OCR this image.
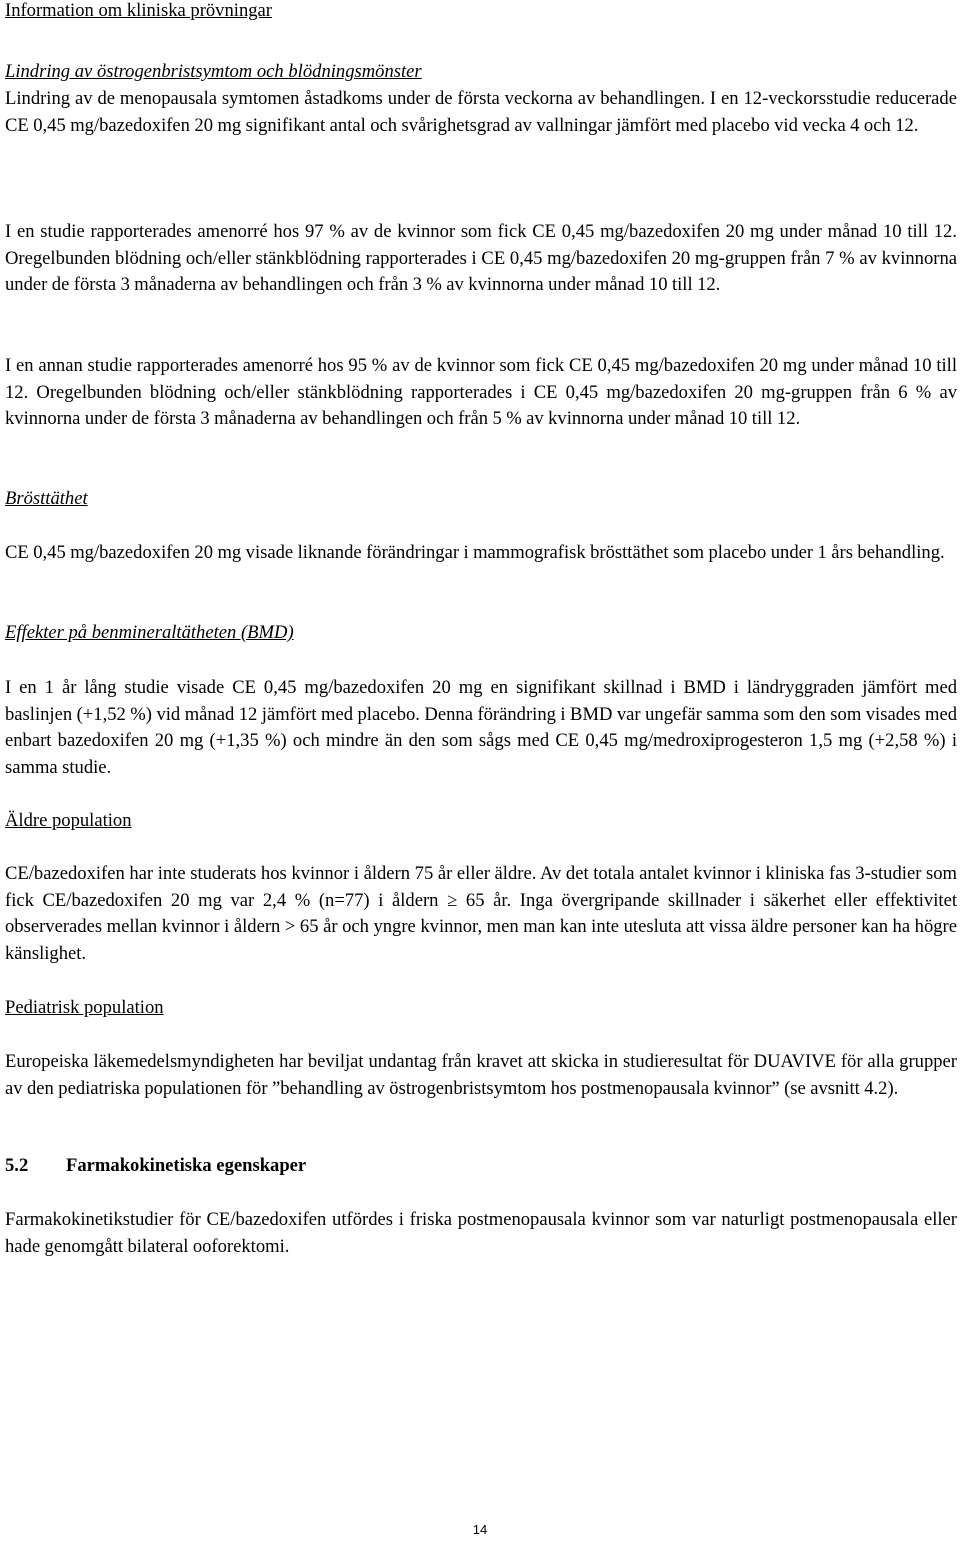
Information om kliniska prövningar
Lindring av östrogenbristsymtom och blödningsmönster

Lindring av de menopausala symtomen åstadkoms under de första veckorna av behandlingen. I en 12-veckorsstudie reducerade CE 0,45 mg/bazedoxifen 20 mg signifikant antal och svårighetsgrad av vallningar jämfört med placebo vid vecka 4 och 12.

I en studie rapporterades amenorré hos 97 % av de kvinnor som fick CE 0,45 mg/bazedoxifen 20 mg under månad 10 till 12. Oregelbunden blödning och/eller stänkblödning rapporterades i CE 0,45 mg/bazedoxifen 20 mg-gruppen från 7 % av kvinnorna under de första 3 månaderna av behandlingen och från 3 % av kvinnorna under månad 10 till 12.

I en annan studie rapporterades amenorré hos 95 % av de kvinnor som fick CE 0,45 mg/bazedoxifen 20 mg under månad 10 till 12. Oregelbunden blödning och/eller stänkblödning rapporterades i CE 0,45 mg/bazedoxifen 20 mg-gruppen från 6 % av kvinnorna under de första 3 månaderna av behandlingen och från 5 % av kvinnorna under månad 10 till 12.

Brösttäthet

CE 0,45 mg/bazedoxifen 20 mg visade liknande förändringar i mammografisk brösttäthet som placebo under 1 års behandling.

Effekter på benmineraltätheten (BMD)

I en 1 år lång studie visade CE 0,45 mg/bazedoxifen 20 mg en signifikant skillnad i BMD i ländryggraden jämfört med baslinjen (+1,52 %) vid månad 12 jämfört med placebo. Denna förändring i BMD var ungefär samma som den som visades med enbart bazedoxifen 20 mg (+1,35 %) och mindre än den som sågs med CE 0,45 mg/medroxiprogesteron 1,5 mg (+2,58 %) i samma studie.

Äldre population

CE/bazedoxifen har inte studerats hos kvinnor i åldern 75 år eller äldre. Av det totala antalet kvinnor i kliniska fas 3-studier som fick CE/bazedoxifen 20 mg var 2,4 % (n=77) i åldern ≥ 65 år. Inga övergripande skillnader i säkerhet eller effektivitet observerades mellan kvinnor i åldern > 65 år och yngre kvinnor, men man kan inte utesluta att vissa äldre personer kan ha högre känslighet.

Pediatrisk population

Europeiska läkemedelsmyndigheten har beviljat undantag från kravet att skicka in studieresultat för DUAVIVE för alla grupper av den pediatriska populationen för ”behandling av östrogenbristsymtom hos postmenopausala kvinnor” (se avsnitt 4.2).

5.2 Farmakokinetiska egenskaper

Farmakokinetikstudier för CE/bazedoxifen utfördes i friska postmenopausala kvinnor som var naturligt postmenopausala eller hade genomgått bilateral ooforektomi.

14
